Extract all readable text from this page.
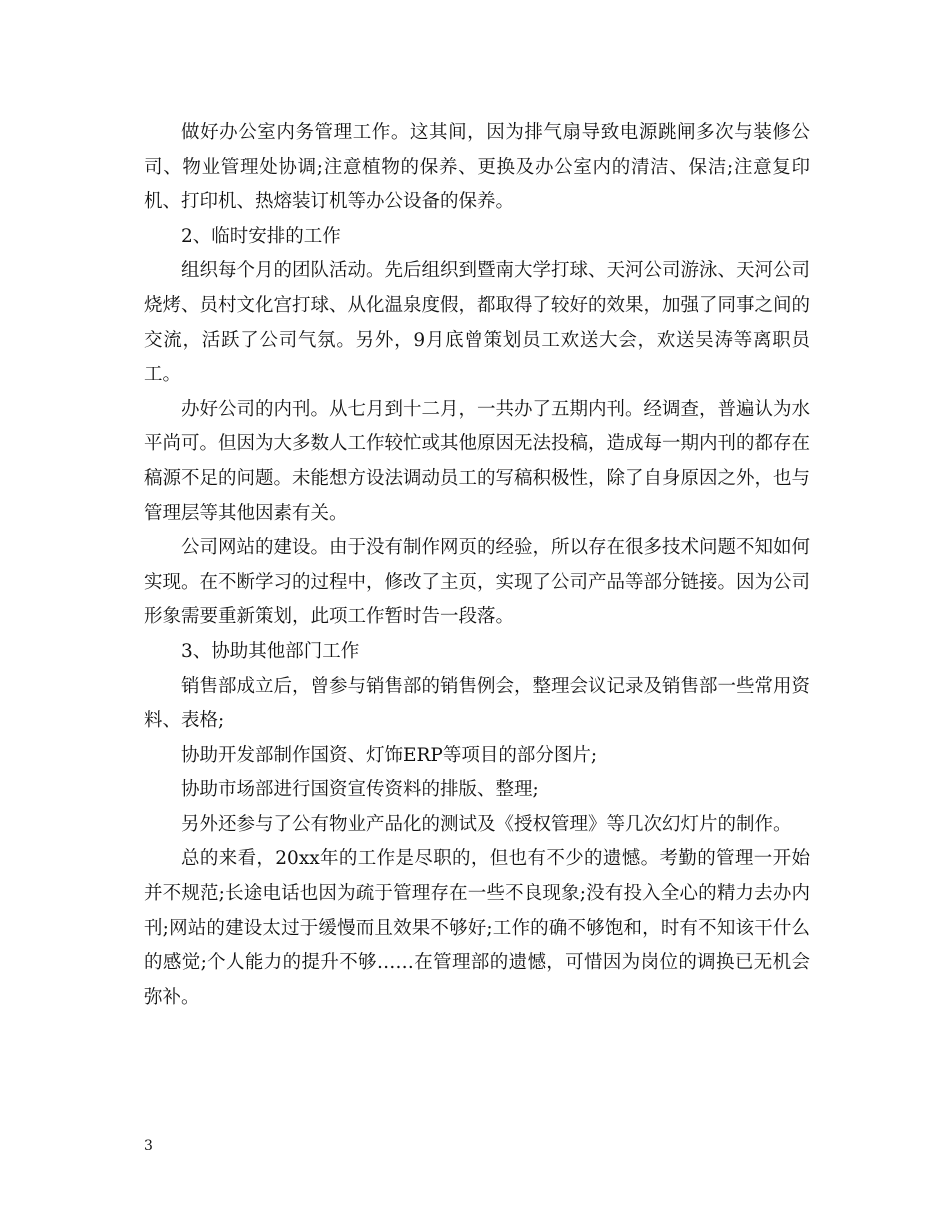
做好办公室内务管理工作。这其间，因为排气扇导致电源跳闸多次与装修公司、物业管理处协调;注意植物的保养、更换及办公室内的清洁、保洁;注意复印机、打印机、热熔装订机等办公设备的保养。

2、临时安排的工作

组织每个月的团队活动。先后组织到暨南大学打球、天河公司游泳、天河公司烧烤、员村文化宫打球、从化温泉度假，都取得了较好的效果，加强了同事之间的交流，活跃了公司气氛。另外，9月底曾策划员工欢送大会，欢送吴涛等离职员工。

办好公司的内刊。从七月到十二月，一共办了五期内刊。经调查，普遍认为水平尚可。但因为大多数人工作较忙或其他原因无法投稿，造成每一期内刊的都存在稿源不足的问题。未能想方设法调动员工的写稿积极性，除了自身原因之外，也与管理层等其他因素有关。

公司网站的建设。由于没有制作网页的经验，所以存在很多技术问题不知如何实现。在不断学习的过程中，修改了主页，实现了公司产品等部分链接。因为公司形象需要重新策划，此项工作暂时告一段落。

3、协助其他部门工作

销售部成立后，曾参与销售部的销售例会，整理会议记录及销售部一些常用资料、表格;

协助开发部制作国资、灯饰ERP等项目的部分图片;

协助市场部进行国资宣传资料的排版、整理;

另外还参与了公有物业产品化的测试及《授权管理》等几次幻灯片的制作。

总的来看，20xx年的工作是尽职的，但也有不少的遗憾。考勤的管理一开始并不规范;长途电话也因为疏于管理存在一些不良现象;没有投入全心的精力去办内刊;网站的建设太过于缓慢而且效果不够好;工作的确不够饱和，时有不知该干什么的感觉;个人能力的提升不够……在管理部的遗憾，可惜因为岗位的调换已无机会弥补。

3
